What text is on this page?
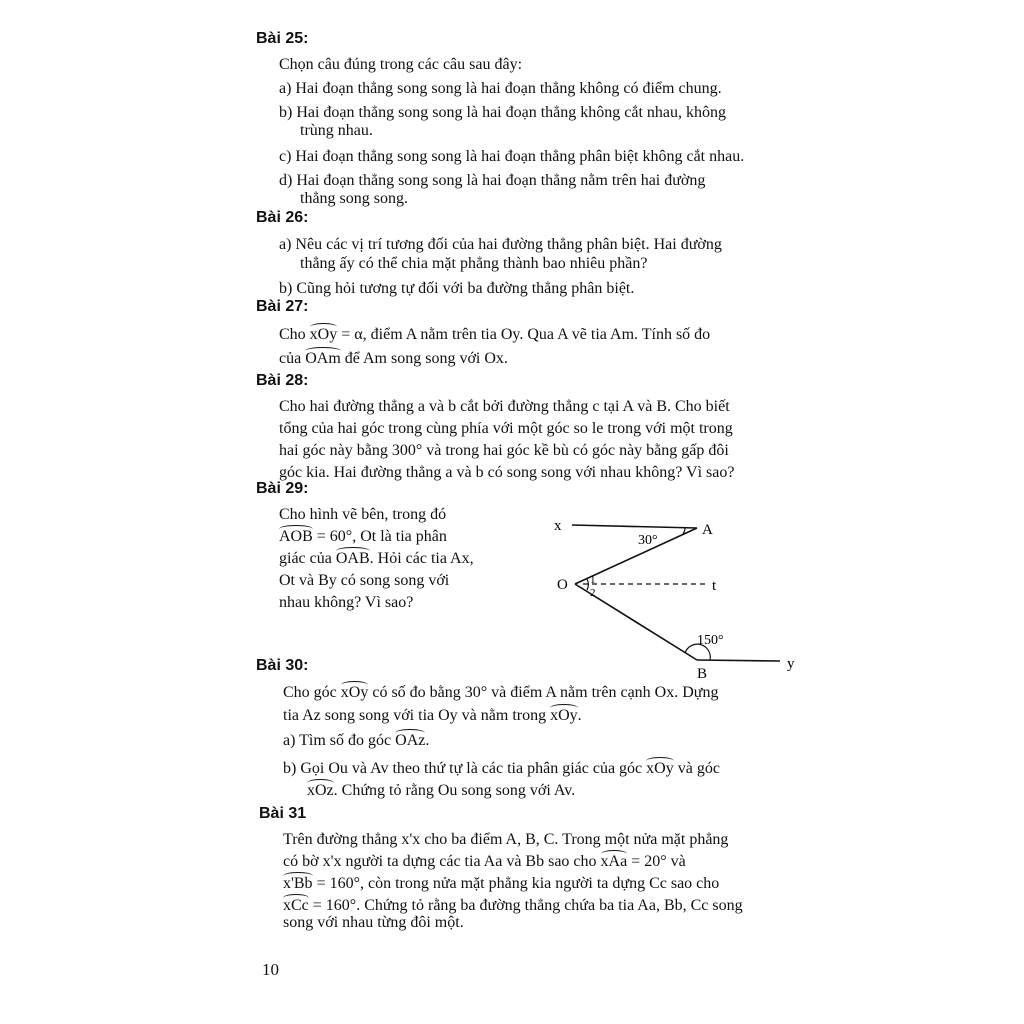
Bài 25:
Chọn câu đúng trong các câu sau đây:
a) Hai đoạn thẳng song song là hai đoạn thẳng không có điểm chung.
b) Hai đoạn thẳng song song là hai đoạn thẳng không cắt nhau, không
trùng nhau.
c) Hai đoạn thẳng song song là hai đoạn thẳng phân biệt không cắt nhau.
d) Hai đoạn thẳng song song là hai đoạn thẳng nằm trên hai đường
thẳng song song.
Bài 26:
a) Nêu các vị trí tương đối của hai đường thẳng phân biệt. Hai đường
thẳng ấy có thể chia mặt phẳng thành bao nhiêu phần?
b) Cũng hỏi tương tự đối với ba đường thẳng phân biệt.
Bài 27:
Cho xOy = α, điểm A nằm trên tia Oy. Qua A vẽ tia Am. Tính số đo
của OAm để Am song song với Ox.
Bài 28:
Cho hai đường thẳng a và b cắt bởi đường thẳng c tại A và B. Cho biết
tổng của hai góc trong cùng phía với một góc so le trong với một trong
hai góc này bằng 300° và trong hai góc kề bù có góc này bằng gấp đôi
góc kia. Hai đường thẳng a và b có song song với nhau không? Vì sao?
Bài 29:
Cho hình vẽ bên, trong đó
AOB = 60°, Ot là tia phân
giác của OAB. Hỏi các tia Ax,
Ot và By có song song với
nhau không? Vì sao?
x	A
30°
O 1
2	t
150°
B
y
Bài 30:
Cho góc xOy có số đo bằng 30° và điểm A nằm trên cạnh Ox. Dựng
tia Az song song với tia Oy và nằm trong xOy.
a) Tìm số đo góc OAz.
b) Gọi Ou và Av theo thứ tự là các tia phân giác của góc xOy và góc
xOz. Chứng tỏ rằng Ou song song với Av.
Bài 31
Trên đường thẳng x'x cho ba điểm A, B, C. Trong một nửa mặt phẳng
có bờ x'x người ta dựng các tia Aa và Bb sao cho xAa = 20° và
x'Bb = 160°, còn trong nửa mặt phẳng kia người ta dựng Cc sao cho
xCc = 160°. Chứng tỏ rằng ba đường thẳng chứa ba tia Aa, Bb, Cc song
song với nhau từng đôi một.
10
